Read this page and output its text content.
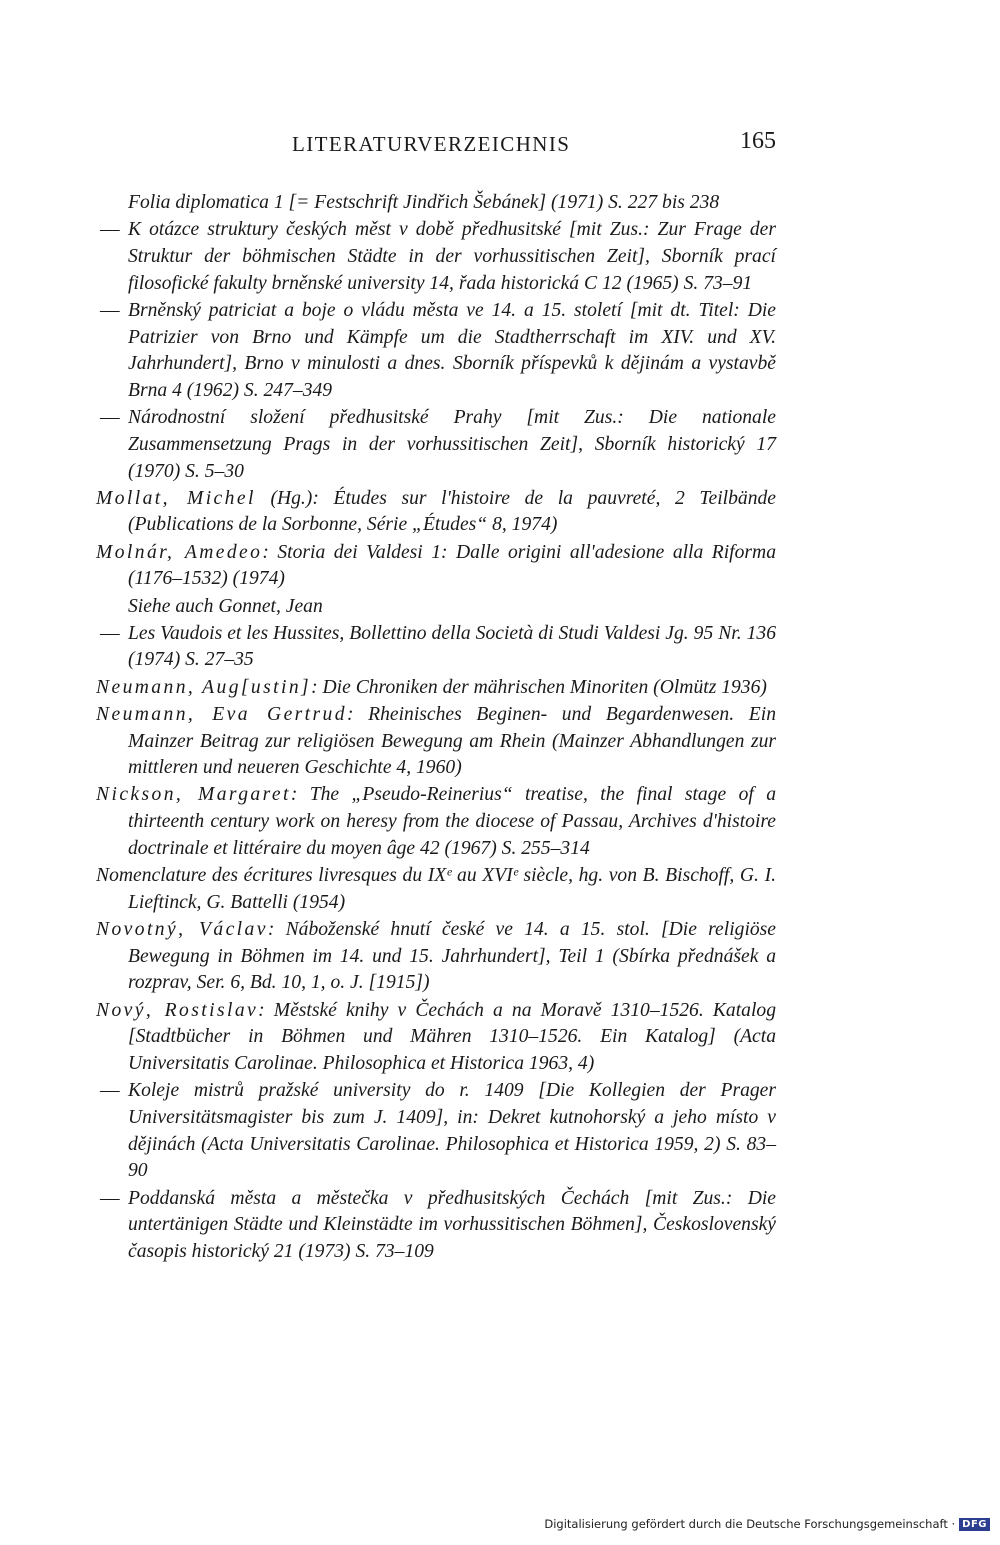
LITERATURVERZEICHNIS	165

Folia diplomatica 1 [= Festschrift Jindřich Šebánek] (1971) S. 227 bis 238

— K otázce struktury českých měst v době předhusitské [mit Zus.: Zur Frage der Struktur der böhmischen Städte in der vorhussitischen Zeit], Sborník prací filosofické fakulty brněnské university 14, řada historická C 12 (1965) S. 73–91

— Brněnský patriciat a boje o vládu města ve 14. a 15. století [mit dt. Titel: Die Patrizier von Brno und Kämpfe um die Stadtherrschaft im XIV. und XV. Jahrhundert], Brno v minulosti a dnes. Sborník příspevků k dějinám a vystavbě Brna 4 (1962) S. 247–349

— Národnostní složení předhusitské Prahy [mit Zus.: Die nationale Zusammensetzung Prags in der vorhussitischen Zeit], Sborník historický 17 (1970) S. 5–30

Mollat, Michel (Hg.): Études sur l'histoire de la pauvreté, 2 Teilbände (Publications de la Sorbonne, Série „Études“ 8, 1974)

Molnár, Amedeo: Storia dei Valdesi 1: Dalle origini all'adesione alla Riforma (1176–1532) (1974)

Siehe auch Gonnet, Jean

— Les Vaudois et les Hussites, Bollettino della Società di Studi Valdesi Jg. 95 Nr. 136 (1974) S. 27–35

Neumann, Aug[ustin]: Die Chroniken der mährischen Minoriten (Olmütz 1936)

Neumann, Eva Gertrud: Rheinisches Beginen- und Begardenwesen. Ein Mainzer Beitrag zur religiösen Bewegung am Rhein (Mainzer Abhandlungen zur mittleren und neueren Geschichte 4, 1960)

Nickson, Margaret: The „Pseudo-Reinerius“ treatise, the final stage of a thirteenth century work on heresy from the diocese of Passau, Archives d'histoire doctrinale et littéraire du moyen âge 42 (1967) S. 255–314

Nomenclature des écritures livresques du IXᵉ au XVIᵉ siècle, hg. von B. Bischoff, G. I. Lieftinck, G. Battelli (1954)

Novotný, Václav: Náboženské hnutí české ve 14. a 15. stol. [Die religiöse Bewegung in Böhmen im 14. und 15. Jahrhundert], Teil 1 (Sbírka přednášek a rozprav, Ser. 6, Bd. 10, 1, o. J. [1915])

Nový, Rostislav: Městské knihy v Čechách a na Moravě 1310–1526. Katalog [Stadtbücher in Böhmen und Mähren 1310–1526. Ein Katalog] (Acta Universitatis Carolinae. Philosophica et Historica 1963, 4)

— Koleje mistrů pražské university do r. 1409 [Die Kollegien der Prager Universitätsmagister bis zum J. 1409], in: Dekret kutnohorský a jeho místo v dějinách (Acta Universitatis Carolinae. Philosophica et Historica 1959, 2) S. 83–90

— Poddanská města a městečka v předhusitských Čechách [mit Zus.: Die untertänigen Städte und Kleinstädte im vorhussitischen Böhmen], Československý časopis historický 21 (1973) S. 73–109

Digitalisierung gefördert durch die Deutsche Forschungsgemeinschaft · DFG
